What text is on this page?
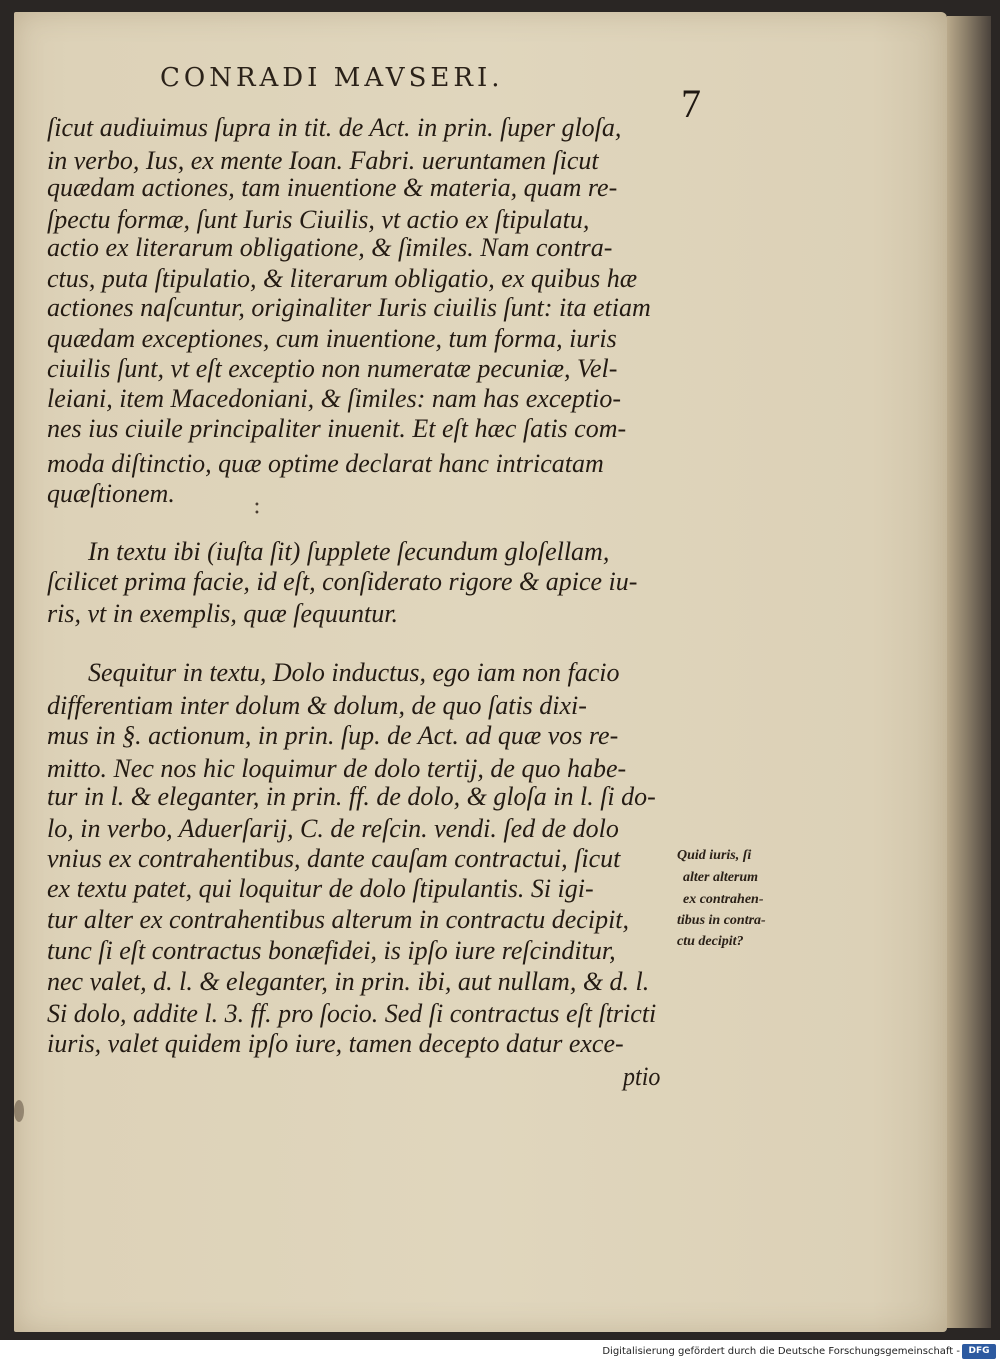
CONRADI MAVSERI.
7
ſicut audiuimus ſupra in tit. de Act. in prin. ſuper gloſa,
in verbo, Ius, ex mente Ioan. Fabri. ueruntamen ſicut
quædam actiones, tam inuentione & materia, quam re-
ſpectu formæ, ſunt Iuris Ciuilis, vt actio ex ſtipulatu,
actio ex literarum obligatione, & ſimiles. Nam contra-
ctus, puta ſtipulatio, & literarum obligatio, ex quibus hæ
actiones naſcuntur, originaliter Iuris ciuilis ſunt: ita etiam
quædam exceptiones, cum inuentione, tum forma, iuris
ciuilis ſunt, vt eſt exceptio non numeratæ pecuniæ, Vel-
leiani, item Macedoniani, & ſimiles: nam has exceptio-
nes ius ciuile principaliter inuenit. Et eſt hæc ſatis com-
moda diſtinctio, quæ optime declarat hanc intricatam
quæſtionem.
In textu ibi (iuſta ſit) ſupplete ſecundum gloſellam,
ſcilicet prima facie, id eſt, conſiderato rigore & apice iu-
ris, vt in exemplis, quæ ſequuntur.
Sequitur in textu, Dolo inductus, ego iam non facio
differentiam inter dolum & dolum, de quo ſatis dixi-
mus in §. actionum, in prin. ſup. de Act. ad quæ vos re-
mitto. Nec nos hic loquimur de dolo tertij, de quo habe-
tur in l. & eleganter, in prin. ff. de dolo, & gloſa in l. ſi do-
lo, in verbo, Aduerſarij, C. de reſcin. vendi. ſed de dolo
vnius ex contrahentibus, dante cauſam contractui, ſicut
ex textu patet, qui loquitur de dolo ſtipulantis. Si igi-
tur alter ex contrahentibus alterum in contractu decipit,
tunc ſi eſt contractus bonæfidei, is ipſo iure reſcinditur,
nec valet, d. l. & eleganter, in prin. ibi, aut nullam, & d. l.
Si dolo, addite l. 3. ff. pro ſocio. Sed ſi contractus eſt ſtricti
iuris, valet quidem ipſo iure, tamen decepto datur exce-
ptio
Quid iuris, ſi
alter alterum
ex contrahen-
tibus in contra-
ctu decipit?
• •
Digitalisierung gefördert durch die Deutsche Forschungsgemeinschaft - DFG
